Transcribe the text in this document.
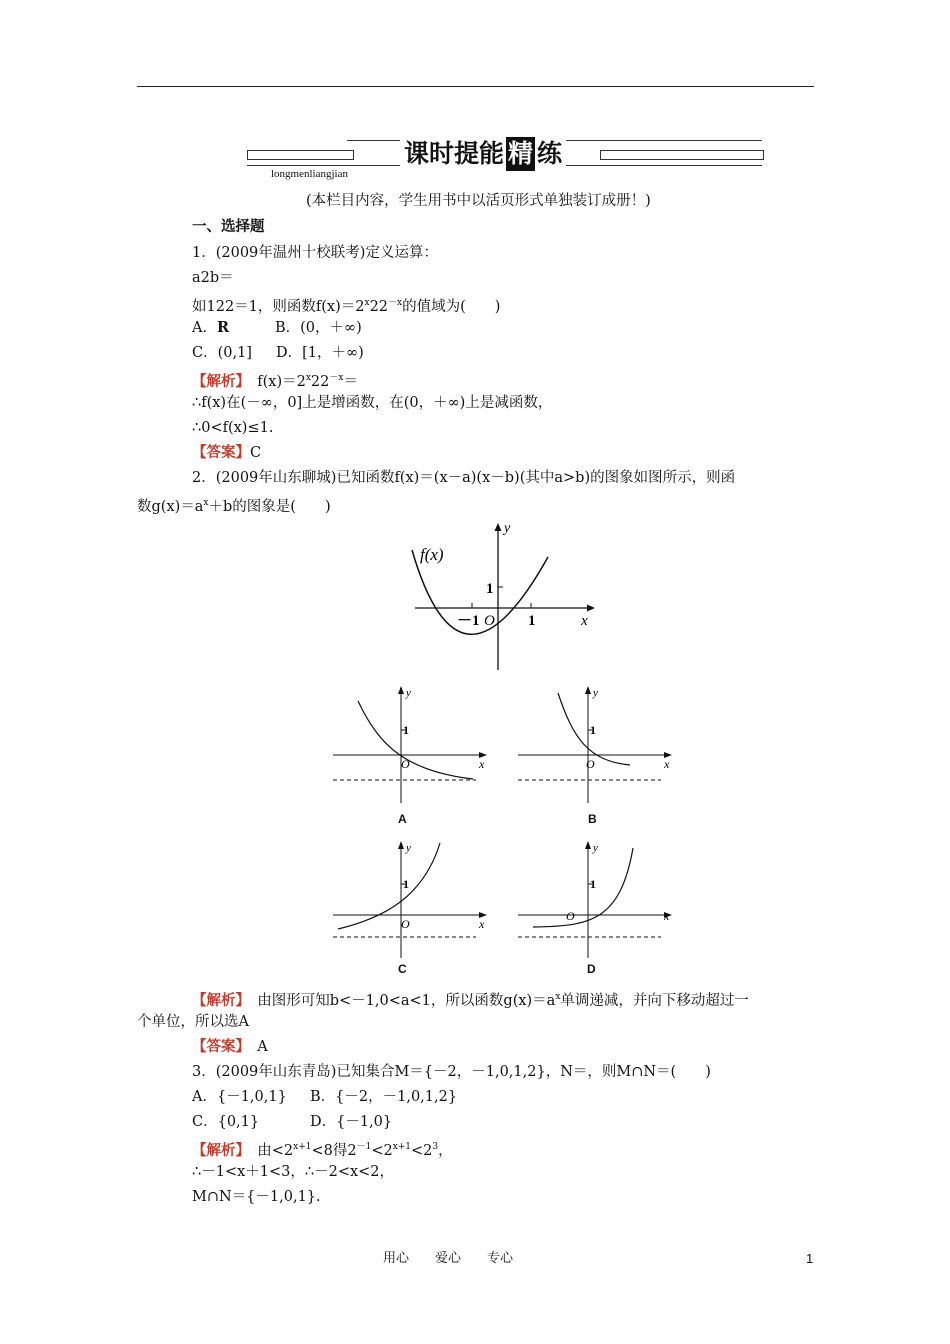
课时提能 精 练
longmenliangjian
(本栏目内容，学生用书中以活页形式单独装订成册！)
一、选择题
1．(2009年温州十校联考)定义运算：
a2b＝
如122＝1，则函数$f(x)=2^x22^{-x}$的值域为(　　)
A．R	B．(0，＋∞)
C．(0,1] D．[1，＋∞)
【解析】　$f(x)=2^x22^{-x}=$
∴f(x)在(－∞，0]上是增函数，在(0，＋∞)上是减函数，
∴0<f(x)≤1.
【答案】C
2．(2009年山东聊城)已知函数f(x)＝(x－a)(x－b)(其中a>b)的图象如图所示，则函
数$g(x)=a^x+b$的图象是(　　)
f(x)
y
x
1
－1 O 1
y
1
O	x
A
y
1
O	x
B
y
1
O	x
C
y
1
O	x
D
【解析】　由图形可知b<－1,0<a<1，所以函数$g(x)=a^x$单调递减，并向下移动超过一
个单位，所以选A
【答案】　A
3．(2009年山东青岛)已知集合M＝{－2，－1,0,1,2}，N＝，则M∩N＝(　　)
A．{－1,0,1} B．{－2，－1,0,1,2}
C．{0,1}	D．{－1,0}
【解析】　由$<2^{x+1}<8$得$2^{-1}<2^{x+1}<2^3$，
∴－1<x＋1<3，∴－2<x<2，
M∩N＝{－1,0,1}.
用心　　爱心　　专心	1
